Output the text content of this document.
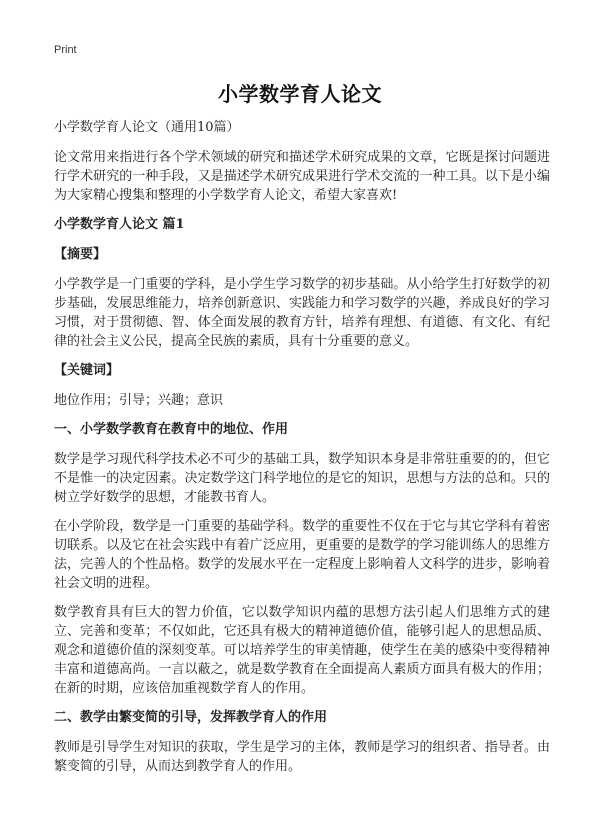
Print
小学数学育人论文

小学数学育人论文（通用10篇）

论文常用来指进行各个学术领域的研究和描述学术研究成果的文章，它既是探讨问题进行学术研究的一种手段，又是描述学术研究成果进行学术交流的一种工具。以下是小编为大家精心搜集和整理的小学数学育人论文，希望大家喜欢!

小学数学育人论文 篇1

【摘要】

小学教学是一门重要的学科，是小学生学习数学的初步基础。从小给学生打好数学的初步基础，发展思维能力，培养创新意识、实践能力和学习数学的兴趣，养成良好的学习习惯，对于贯彻德、智、体全面发展的教育方针，培养有理想、有道德、有文化、有纪律的社会主义公民，提高全民族的素质，具有十分重要的意义。

【关键词】

地位作用；引导；兴趣；意识

一、小学数学教育在教育中的地位、作用

数学是学习现代科学技术必不可少的基础工具，数学知识本身是非常驻重要的的，但它不是惟一的决定因素。决定数学这门科学地位的是它的知识，思想与方法的总和。只的树立学好数学的思想，才能教书育人。

在小学阶段，数学是一门重要的基础学科。数学的重要性不仅在于它与其它学科有着密切联系。以及它在社会实践中有着广泛应用，更重要的是数学的学习能训练人的思维方法，完善人的个性品格。数学的发展水平在一定程度上影响着人文科学的进步，影响着社会文明的进程。

数学教育具有巨大的智力价值，它以数学知识内蕴的思想方法引起人们思维方式的建立、完善和变革；不仅如此，它还具有极大的精神道德价值，能够引起人的思想品质、观念和道德价值的深刻变革。可以培养学生的审美情趣，使学生在美的感染中变得精神丰富和道德高尚。一言以蔽之，就是数学教育在全面提高人素质方面具有极大的作用；在新的时期，应该倍加重视数学育人的作用。

二、教学由繁变简的引导，发挥教学育人的作用

教师是引导学生对知识的获取，学生是学习的主体，教师是学习的组织者、指导者。由繁变简的引导，从而达到教学育人的作用。
